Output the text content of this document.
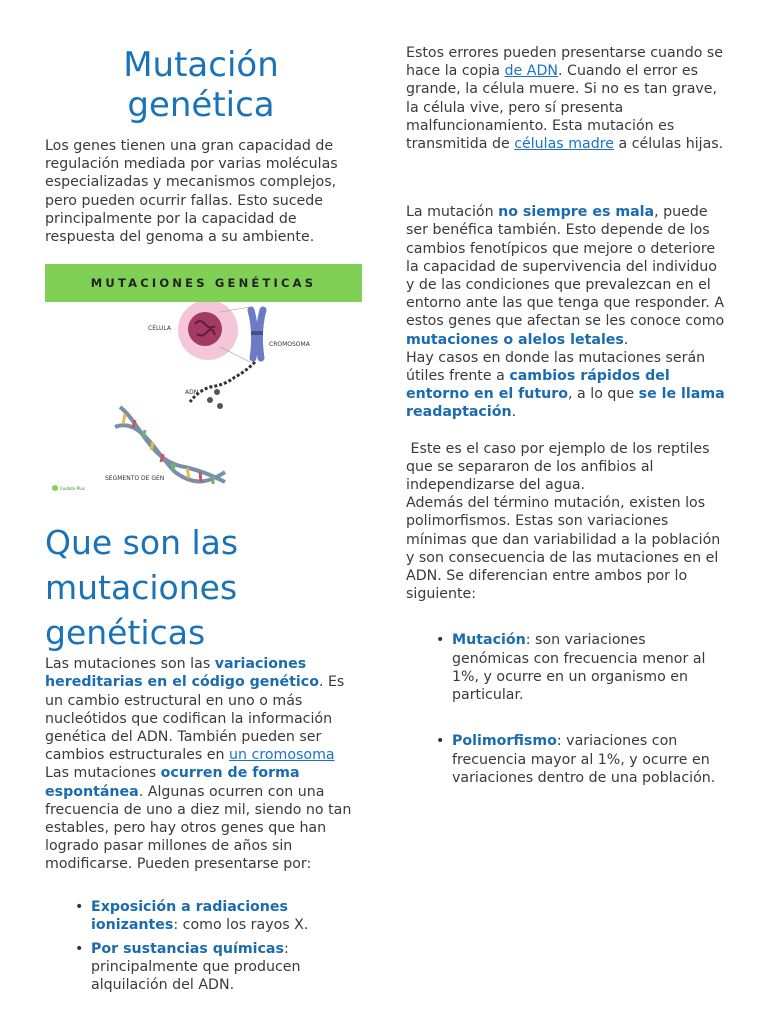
Mutación genética

Los genes tienen una gran capacidad de regulación mediada por varias moléculas especializadas y mecanismos complejos, pero pueden ocurrir fallas. Esto sucede principalmente por la capacidad de respuesta del genoma a su ambiente.

MUTACIONES GENÉTICAS
CÉLULA
CROMOSOMA
ADN
SEGMENTO DE GEN
Cuidate Plus
Que son las mutaciones genéticas

Las mutaciones son las variaciones hereditarias en el código genético. Es un cambio estructural en uno o más nucleótidos que codifican la información genética del ADN. También pueden ser cambios estructurales en un cromosoma
Las mutaciones ocurren de forma espontánea. Algunas ocurren con una frecuencia de uno a diez mil, siendo no tan estables, pero hay otros genes que han logrado pasar millones de años sin modificarse. Pueden presentarse por:

• Exposición a radiaciones ionizantes: como los rayos X.
• Por sustancias químicas: principalmente que producen alquilación del ADN.

Estos errores pueden presentarse cuando se hace la copia de ADN. Cuando el error es grande, la célula muere. Si no es tan grave, la célula vive, pero sí presenta malfuncionamiento. Esta mutación es transmitida de células madre a células hijas.

La mutación no siempre es mala, puede ser benéfica también. Esto depende de los cambios fenotípicos que mejore o deteriore la capacidad de supervivencia del individuo y de las condiciones que prevalezcan en el entorno ante las que tenga que responder. A estos genes que afectan se les conoce como mutaciones o alelos letales.

Hay casos en donde las mutaciones serán útiles frente a cambios rápidos del entorno en el futuro, a lo que se le llama readaptación.

Este es el caso por ejemplo de los reptiles que se separaron de los anfibios al independizarse del agua.

Además del término mutación, existen los polimorfismos. Estas son variaciones mínimas que dan variabilidad a la población y son consecuencia de las mutaciones en el ADN. Se diferencian entre ambos por lo siguiente:

• Mutación: son variaciones genómicas con frecuencia menor al 1%, y ocurre en un organismo en particular.
• Polimorfismo: variaciones con frecuencia mayor al 1%, y ocurre en variaciones dentro de una población.
